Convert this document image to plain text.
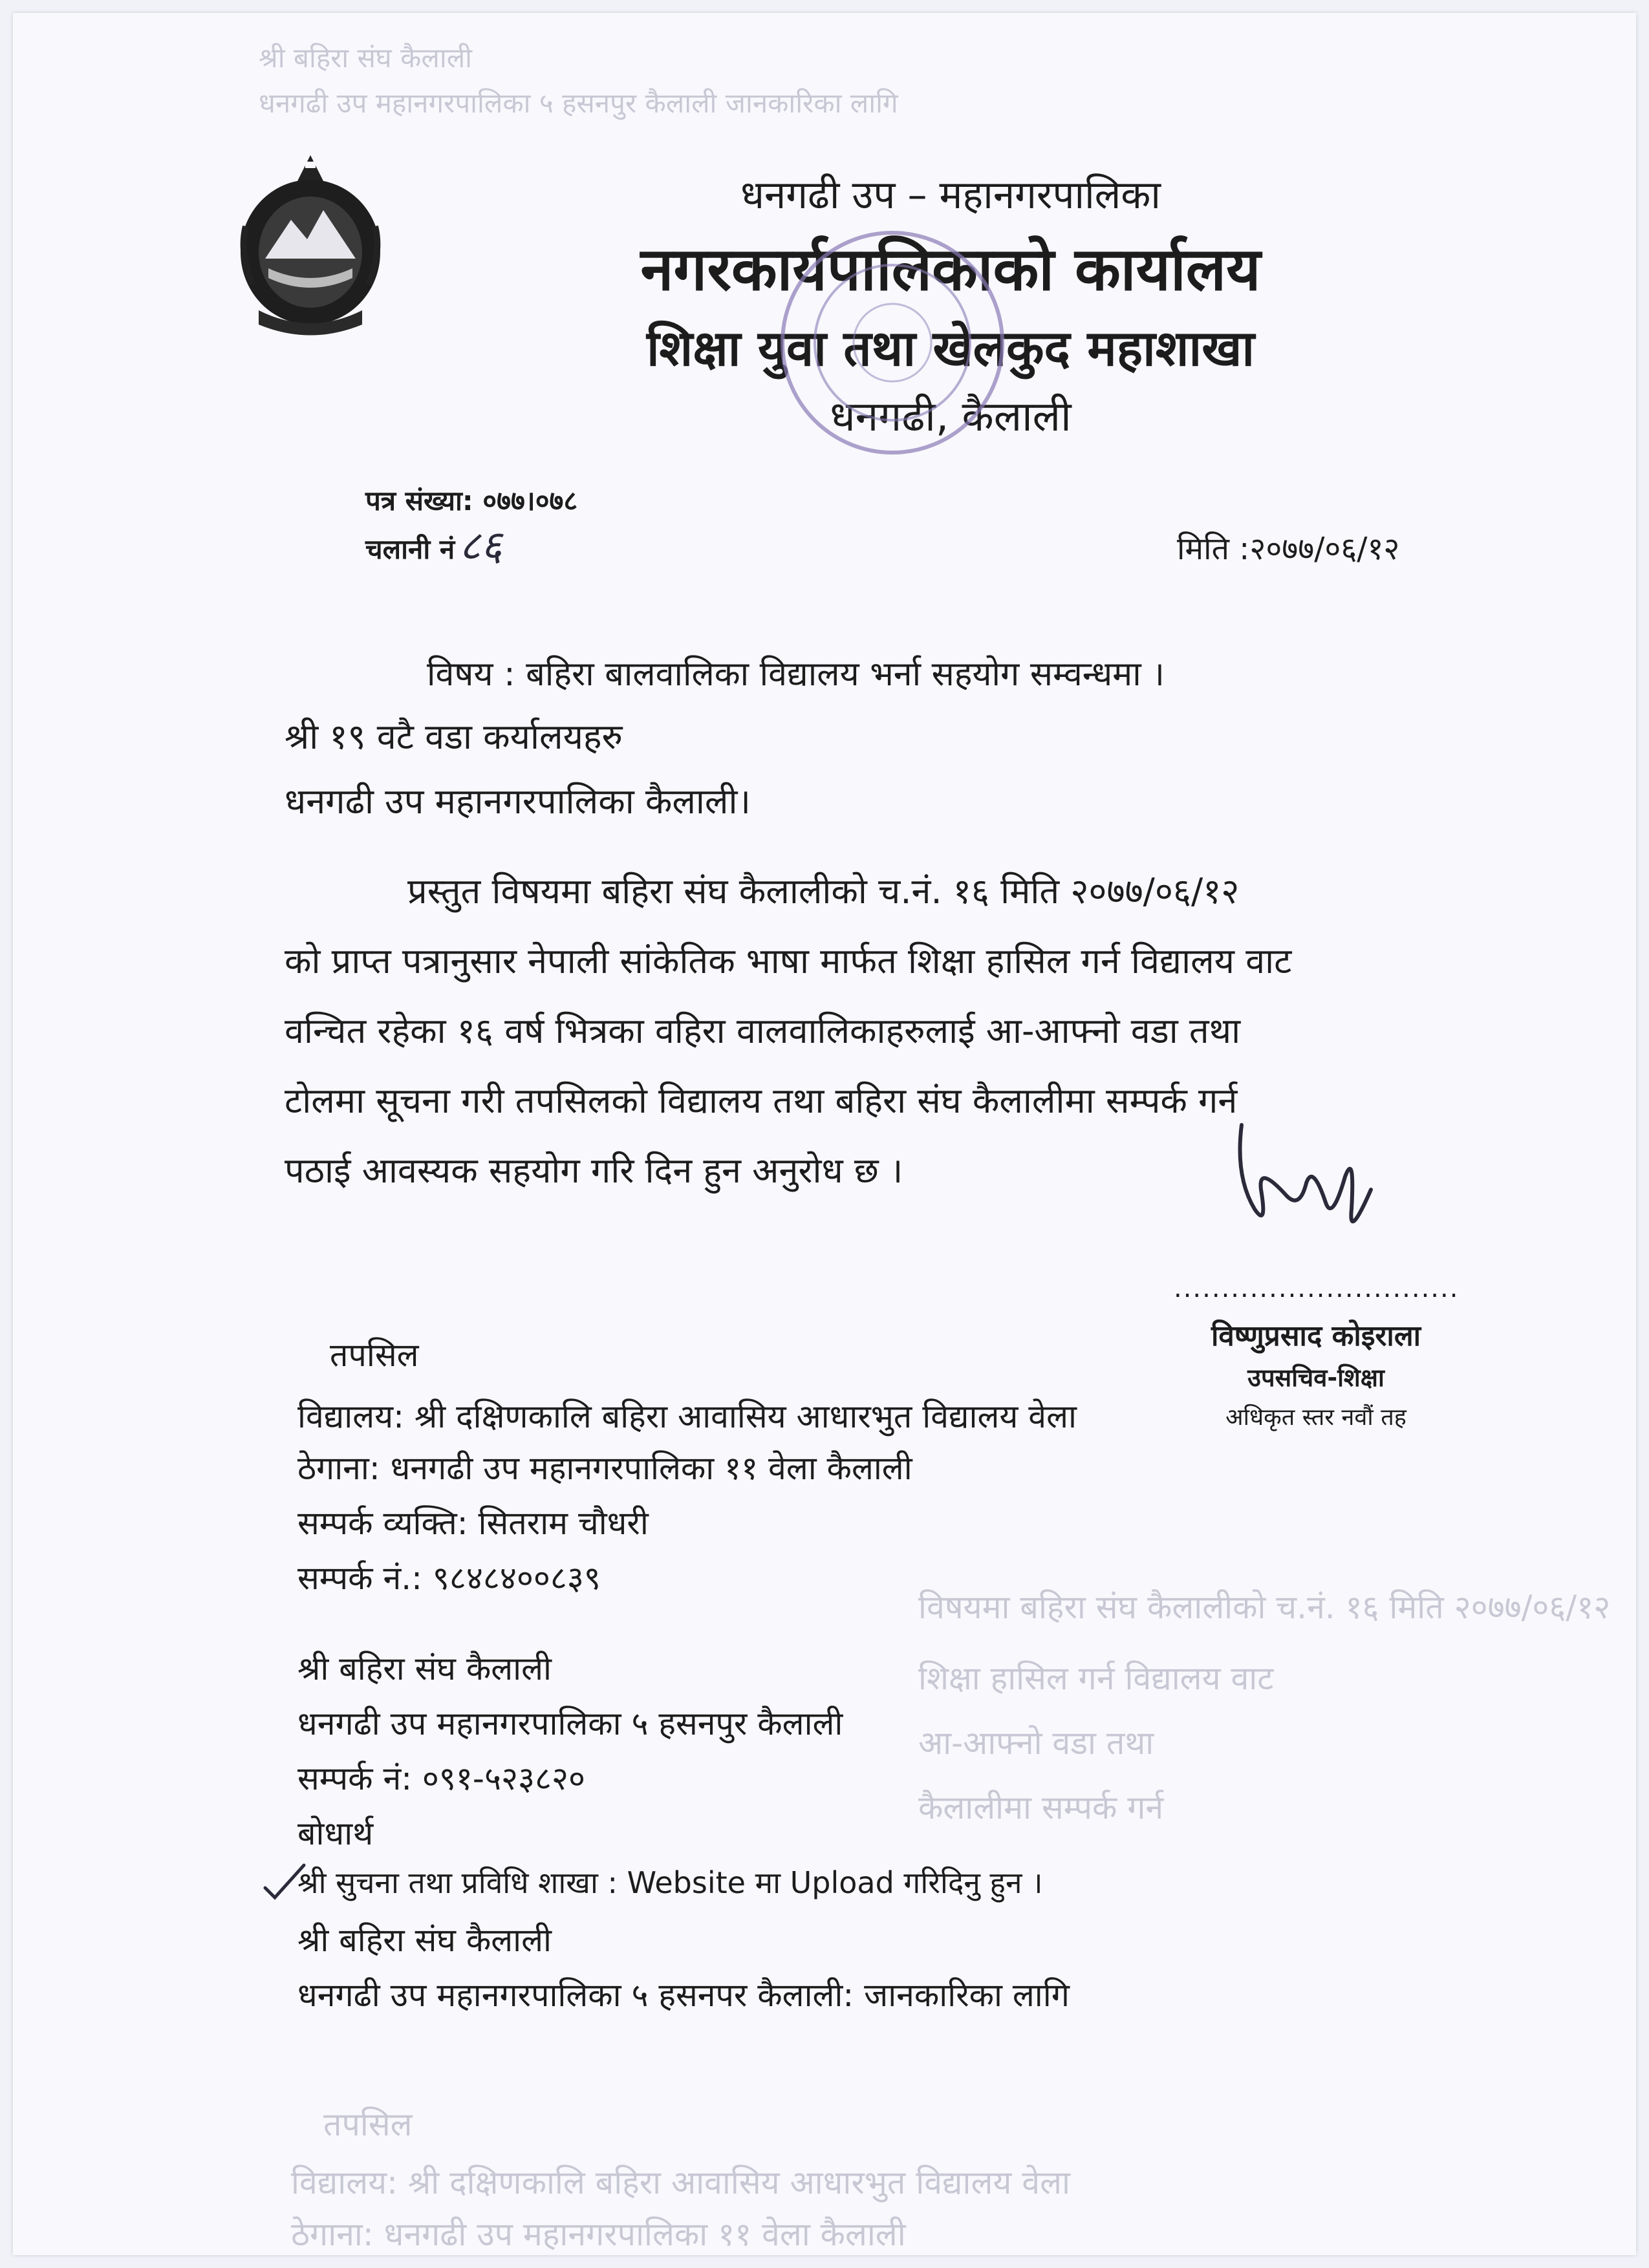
श्री बहिरा संघ कैलाली
धनगढी उप महानगरपालिका ५ हसनपुर कैलाली जानकारिका लागि
विषयमा बहिरा संघ कैलालीको च.नं. १६ मिति २०७७/०६/१२
शिक्षा हासिल गर्न विद्यालय वाट
आ-आफ्नो वडा तथा
कैलालीमा सम्पर्क गर्न
तपसिल
विद्यालय: श्री दक्षिणकालि बहिरा आवासिय आधारभुत विद्यालय वेला
ठेगाना: धनगढी उप महानगरपालिका ११ वेला कैलाली
धनगढी उप – महानगरपालिका
नगरकार्यपालिकाको कार्यालय
शिक्षा युवा तथा खेलकुद महाशाखा
धनगढी, कैलाली
पत्र संख्या: ०७७।०७८
चलानी नं ८६	मिति :२०७७/०६/१२
विषय : बहिरा बालवालिका विद्यालय भर्ना सहयोग सम्वन्धमा ।
श्री १९ वटै वडा कर्यालयहरु
धनगढी उप महानगरपालिका कैलाली।
प्रस्तुत विषयमा बहिरा संघ कैलालीको च.नं. १६ मिति २०७७/०६/१२
को प्राप्त पत्रानुसार नेपाली सांकेतिक भाषा मार्फत शिक्षा हासिल गर्न विद्यालय वाट
वन्चित रहेका १६ वर्ष भित्रका वहिरा वालवालिकाहरुलाई आ-आफ्नो वडा तथा
टोलमा सूचना गरी तपसिलको विद्यालय तथा बहिरा संघ कैलालीमा सम्पर्क गर्न
पठाई आवस्यक सहयोग गरि दिन हुन अनुरोध छ ।
..............................
विष्णुप्रसाद कोइराला
उपसचिव-शिक्षा
अधिकृत स्तर नवौं तह
तपसिल
विद्यालय: श्री दक्षिणकालि बहिरा आवासिय आधारभुत विद्यालय वेला
ठेगाना: धनगढी उप महानगरपालिका ११ वेला कैलाली
सम्पर्क व्यक्ति: सितराम चौधरी
सम्पर्क नं.: ९८४८४००८३९
श्री बहिरा संघ कैलाली
धनगढी उप महानगरपालिका ५ हसनपुर कैलाली
सम्पर्क नं: ०९१-५२३८२०
बोधार्थ
श्री सुचना तथा प्रविधि शाखा : Website मा Upload गरिदिनु हुन ।
श्री बहिरा संघ कैलाली
धनगढी उप महानगरपालिका ५ हसनपर कैलाली: जानकारिका लागि
